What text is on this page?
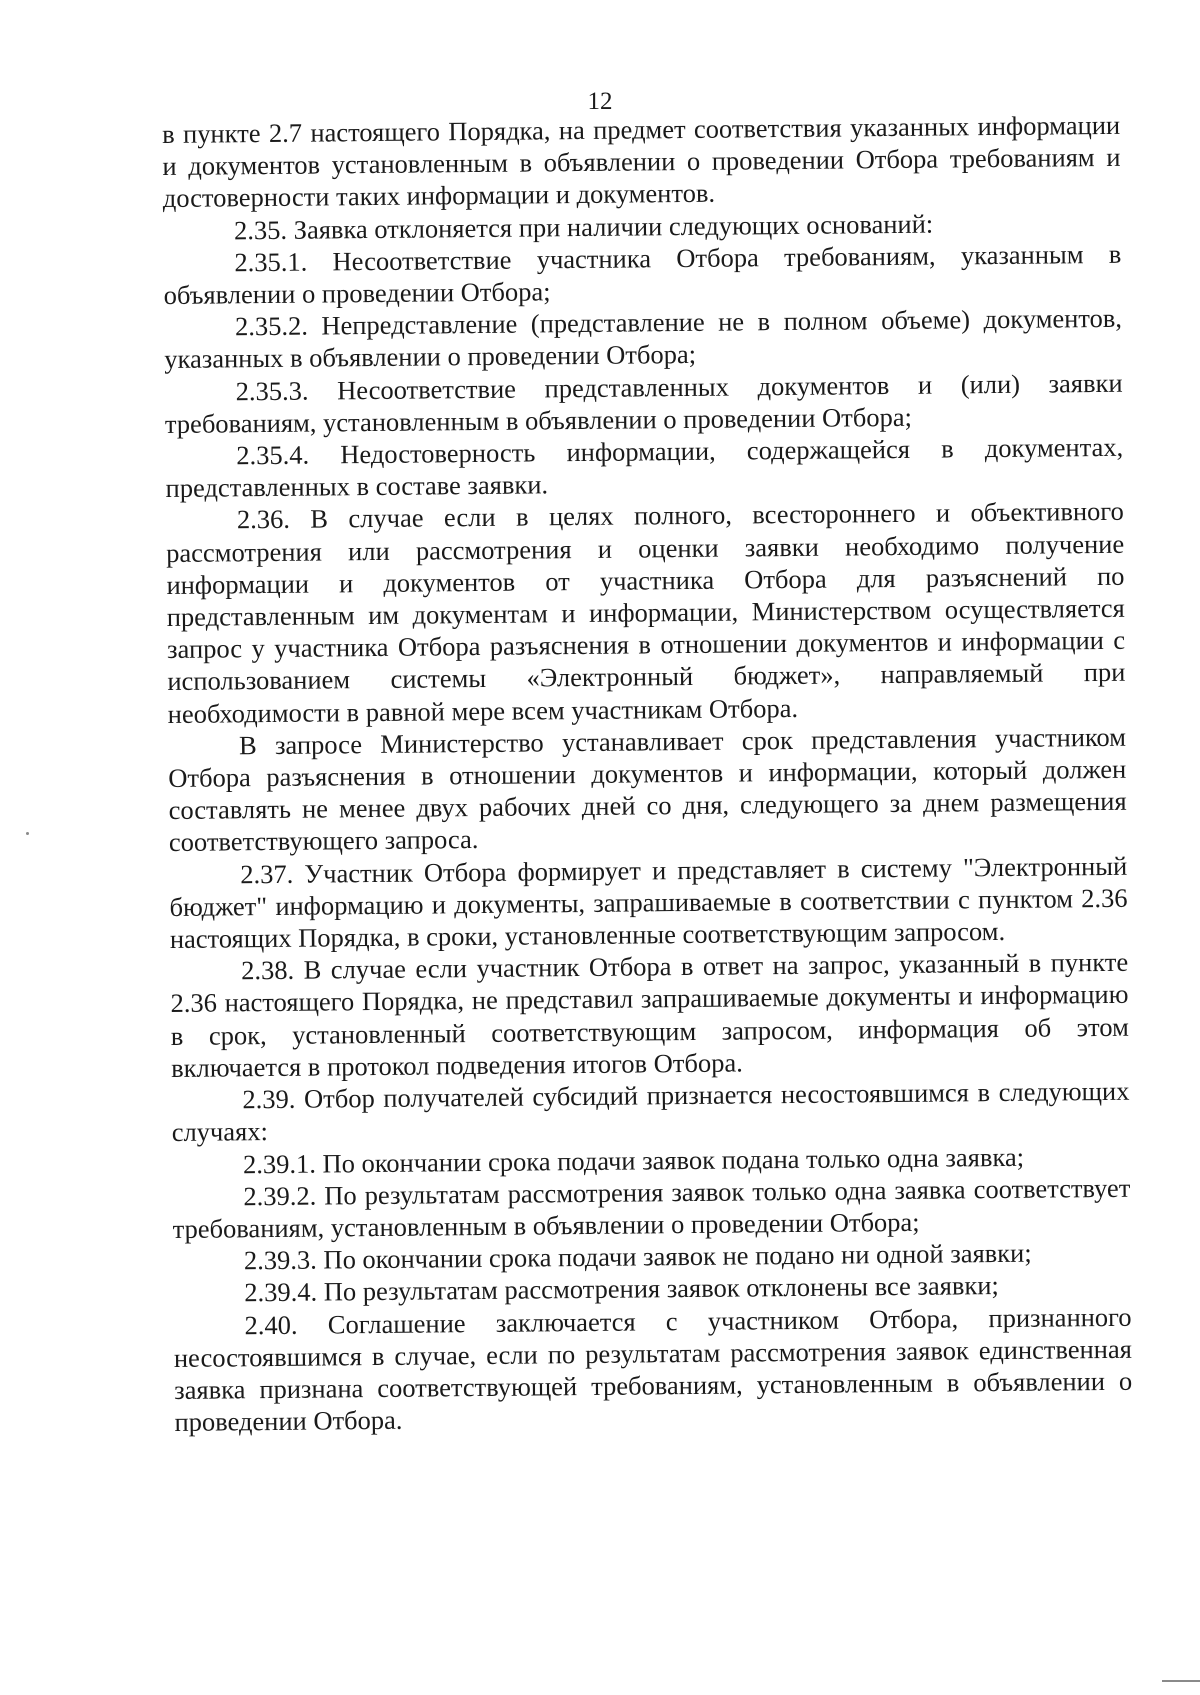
12

в пункте 2.7 настоящего Порядка, на предмет соответствия указанных информации и документов установленным в объявлении о проведении Отбора требованиям и достоверности таких информации и документов.

2.35. Заявка отклоняется при наличии следующих оснований:

2.35.1. Несоответствие участника Отбора требованиям, указанным в объявлении о проведении Отбора;

2.35.2. Непредставление (представление не в полном объеме) документов, указанных в объявлении о проведении Отбора;

2.35.3. Несоответствие представленных документов и (или) заявки требованиям, установленным в объявлении о проведении Отбора;

2.35.4. Недостоверность информации, содержащейся в документах, представленных в составе заявки.

2.36. В случае если в целях полного, всестороннего и объективного рассмотрения или рассмотрения и оценки заявки необходимо получение информации и документов от участника Отбора для разъяснений по представленным им документам и информации, Министерством осуществляется запрос у участника Отбора разъяснения в отношении документов и информации с использованием системы «Электронный бюджет», направляемый при необходимости в равной мере всем участникам Отбора.

В запросе Министерство устанавливает срок представления участником Отбора разъяснения в отношении документов и информации, который должен составлять не менее двух рабочих дней со дня, следующего за днем размещения соответствующего запроса.

2.37. Участник Отбора формирует и представляет в систему "Электронный бюджет" информацию и документы, запрашиваемые в соответствии с пунктом 2.36 настоящих Порядка, в сроки, установленные соответствующим запросом.

2.38. В случае если участник Отбора в ответ на запрос, указанный в пункте 2.36 настоящего Порядка, не представил запрашиваемые документы и информацию в срок, установленный соответствующим запросом, информация об этом включается в протокол подведения итогов Отбора.

2.39. Отбор получателей субсидий признается несостоявшимся в следующих случаях:

2.39.1. По окончании срока подачи заявок подана только одна заявка;

2.39.2. По результатам рассмотрения заявок только одна заявка соответствует требованиям, установленным в объявлении о проведении Отбора;

2.39.3. По окончании срока подачи заявок не подано ни одной заявки;

2.39.4. По результатам рассмотрения заявок отклонены все заявки;

2.40. Соглашение заключается с участником Отбора, признанного несостоявшимся в случае, если по результатам рассмотрения заявок единственная заявка признана соответствующей требованиям, установленным в объявлении о проведении Отбора.
